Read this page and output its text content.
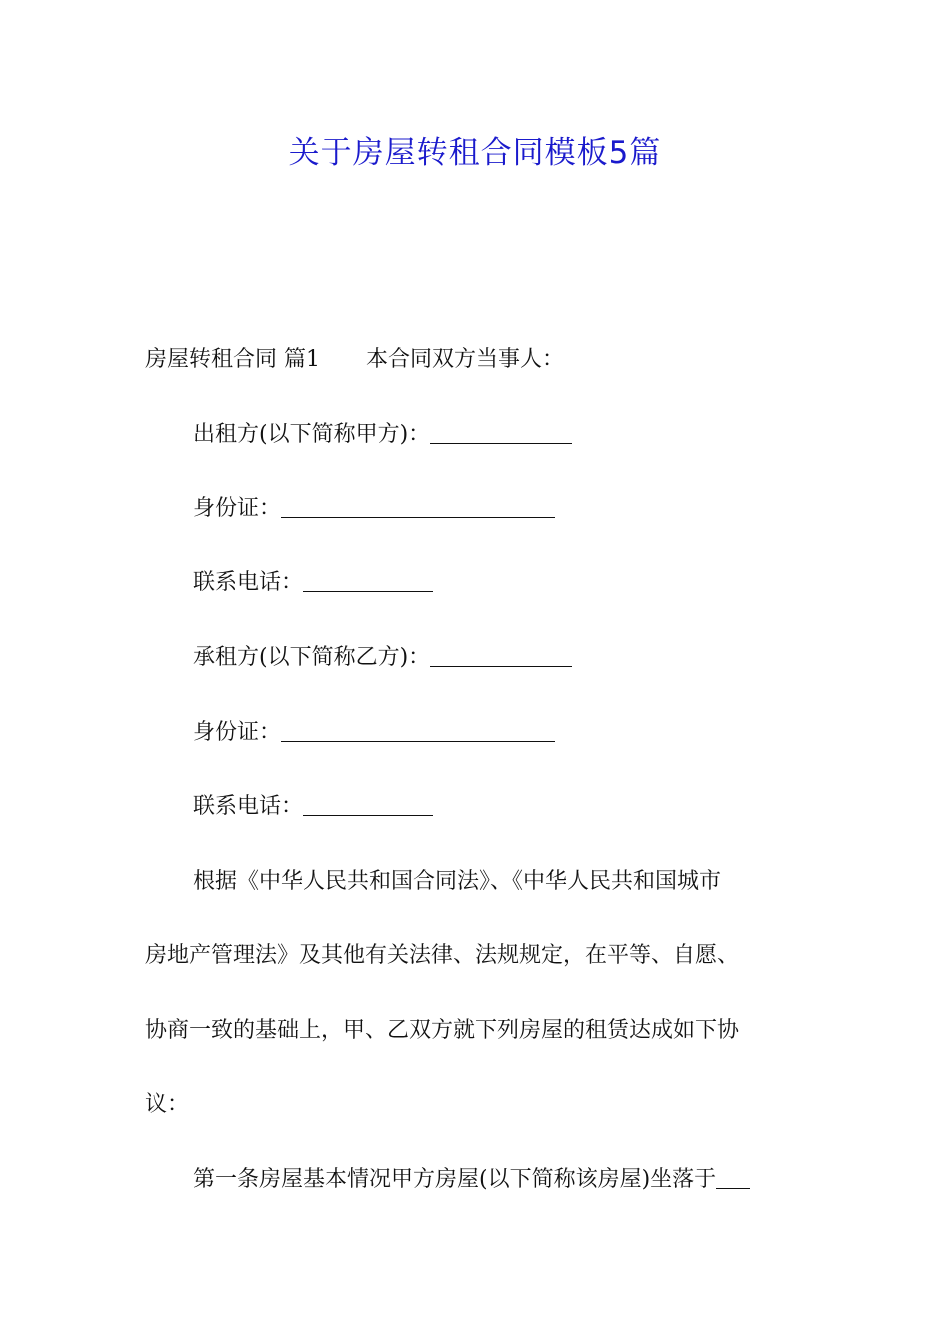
关于房屋转租合同模板5篇
房屋转租合同 篇1 本合同双方当事人：
出租方(以下简称甲方)：
身份证：
联系电话：
承租方(以下简称乙方)：
身份证：
联系电话：
根据《中华人民共和国合同法》、《中华人民共和国城市
房地产管理法》及其他有关法律、法规规定，在平等、自愿、
协商一致的基础上，甲、乙双方就下列房屋的租赁达成如下协
议：
第一条房屋基本情况甲方房屋(以下简称该房屋)坐落于
